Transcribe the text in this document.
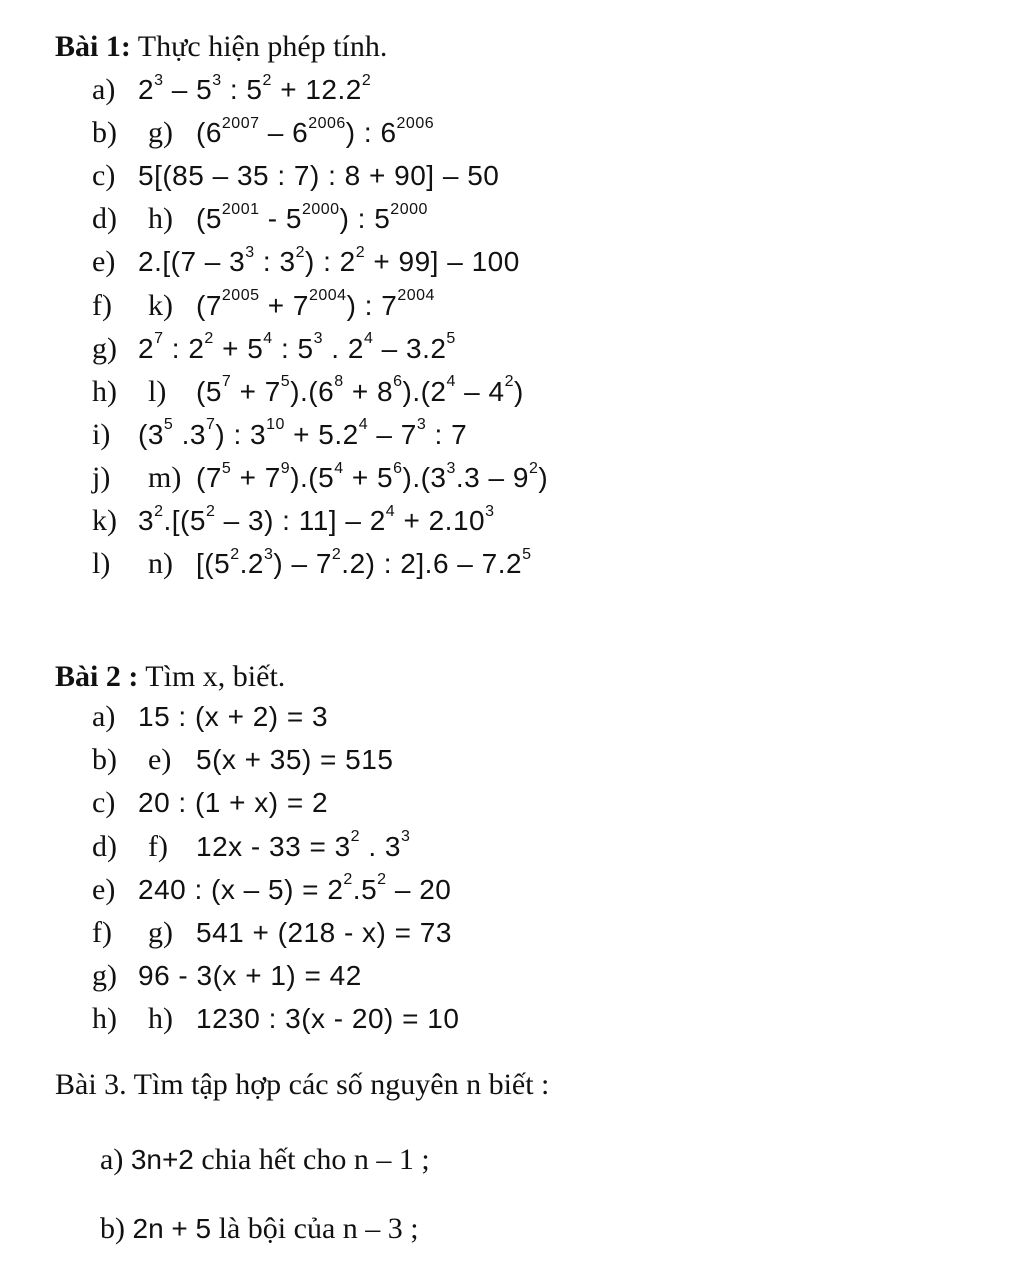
Bài 1: Thực hiện phép tính.
a) $2^3 - 5^3$ : $5^2 + 12.2^2$
b) g) $(6^{2007} - 6^{2006})$ : $6^{2006}$
c) 5[(85 – 35 : 7) : 8 + 90] – 50
d) h) $(5^{2001} - 5^{2000})$ : $5^{2000}$
e) $2.[(7 - 3^3$ : $3^2$) : $2^2 + 99] - 100$
f) k) $(7^{2005} + 7^{2004})$ : $7^{2004}$
g) $2^7$ : $2^2 + 5^4$ : $5^3$ . $2^4 - 3.2^5$
h) l) $(5^7 + 7^5).(6^8 + 8^6).(2^4 - 4^2)$
i) ($3^5$ $.3^7$) : $3^{10} + 5.2^4 - 7^3$ : 7
j) m) $(7^5 + 7^9).(5^4 + 5^6).(3^3.3 - 9^2)$
k) $3^2.[(5^2 - 3)$ : $11] - 2^4 + 2.10^3$
l) n) $[(5^2.2^3) - 7^2.2)$ : $2].6 - 7.2^5$
Bài 2 : Tìm x, biết.
a) 15 : (x + 2) = 3
b) e) 5(x + 35) = 515
c) 20 : (1 + x) = 2
d) f) $12x - 33 = 3^2$ . $3^3$
e) 240 : $(x - 5) = 2^2.5^2 - 20$
f) g) 541 + (218 - x) = 73
g) 96 - 3(x + 1) = 42
h) h) 1230 : 3(x - 20) = 10
Bài 3. Tìm tập hợp các số nguyên n biết :
a) 3n+2 chia hết cho n – 1 ;
b) 2n + 5 là bội của n – 3 ;
